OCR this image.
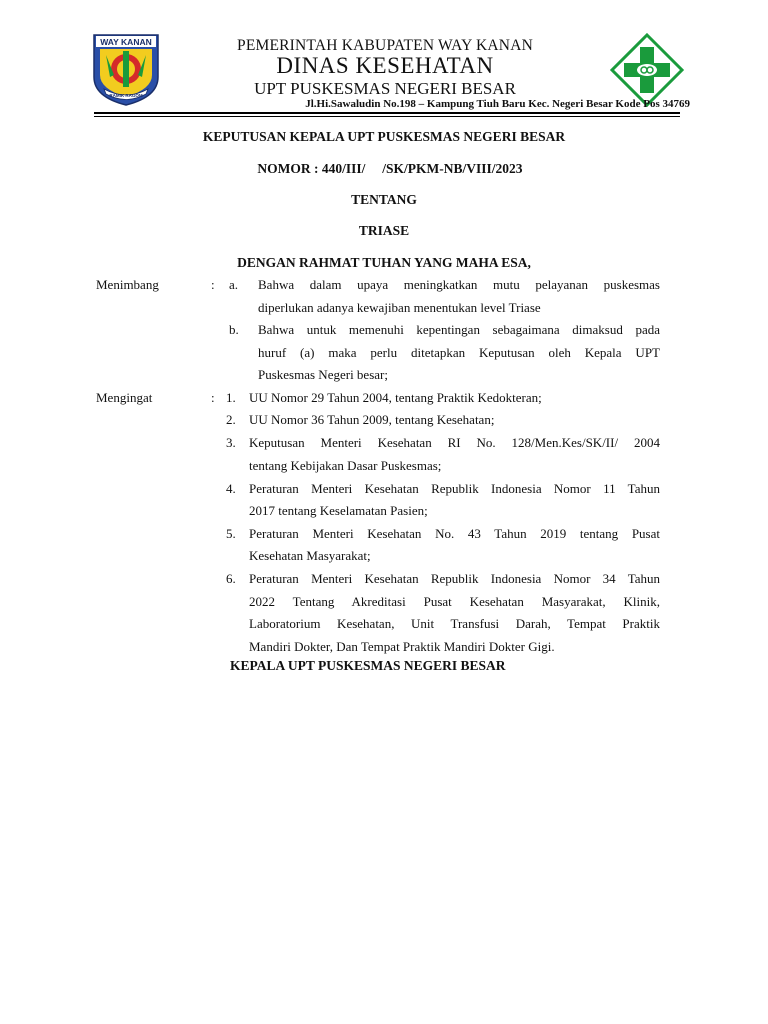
WAY KANAN
RAMIK RAGOM
PEMERINTAH KABUPATEN WAY KANAN
DINAS KESEHATAN
UPT PUSKESMAS NEGERI BESAR
Jl.Hi.Sawaludin No.198 – Kampung Tiuh Baru Kec. Negeri Besar Kode Pos 34769
KEPUTUSAN KEPALA UPT PUSKESMAS NEGERI BESAR
NOMOR : 440/III/     /SK/PKM-NB/VIII/2023
TENTANG
TRIASE
DENGAN RAHMAT TUHAN YANG MAHA ESA,
Menimbang	: a. Bahwa dalam upaya meningkatkan mutu pelayanan puskesmas
diperlukan adanya kewajiban menentukan level Triase
b. Bahwa untuk memenuhi kepentingan sebagaimana dimaksud pada
huruf (a) maka perlu ditetapkan Keputusan oleh Kepala UPT
Puskesmas Negeri besar;
Mengingat	: 1. UU Nomor 29 Tahun 2004, tentang Praktik Kedokteran;
2. UU Nomor 36 Tahun 2009, tentang Kesehatan;
3. Keputusan Menteri Kesehatan RI No. 128/Men.Kes/SK/II/ 2004
tentang Kebijakan Dasar Puskesmas;
4. Peraturan Menteri Kesehatan Republik Indonesia Nomor 11 Tahun
2017 tentang Keselamatan Pasien;
5. Peraturan Menteri Kesehatan No. 43 Tahun 2019 tentang Pusat
Kesehatan Masyarakat;
6. Peraturan Menteri Kesehatan Republik Indonesia Nomor 34 Tahun
2022 Tentang Akreditasi Pusat Kesehatan Masyarakat, Klinik,
Laboratorium Kesehatan, Unit Transfusi Darah, Tempat Praktik
Mandiri Dokter, Dan Tempat Praktik Mandiri Dokter Gigi.
KEPALA UPT PUSKESMAS NEGERI BESAR
